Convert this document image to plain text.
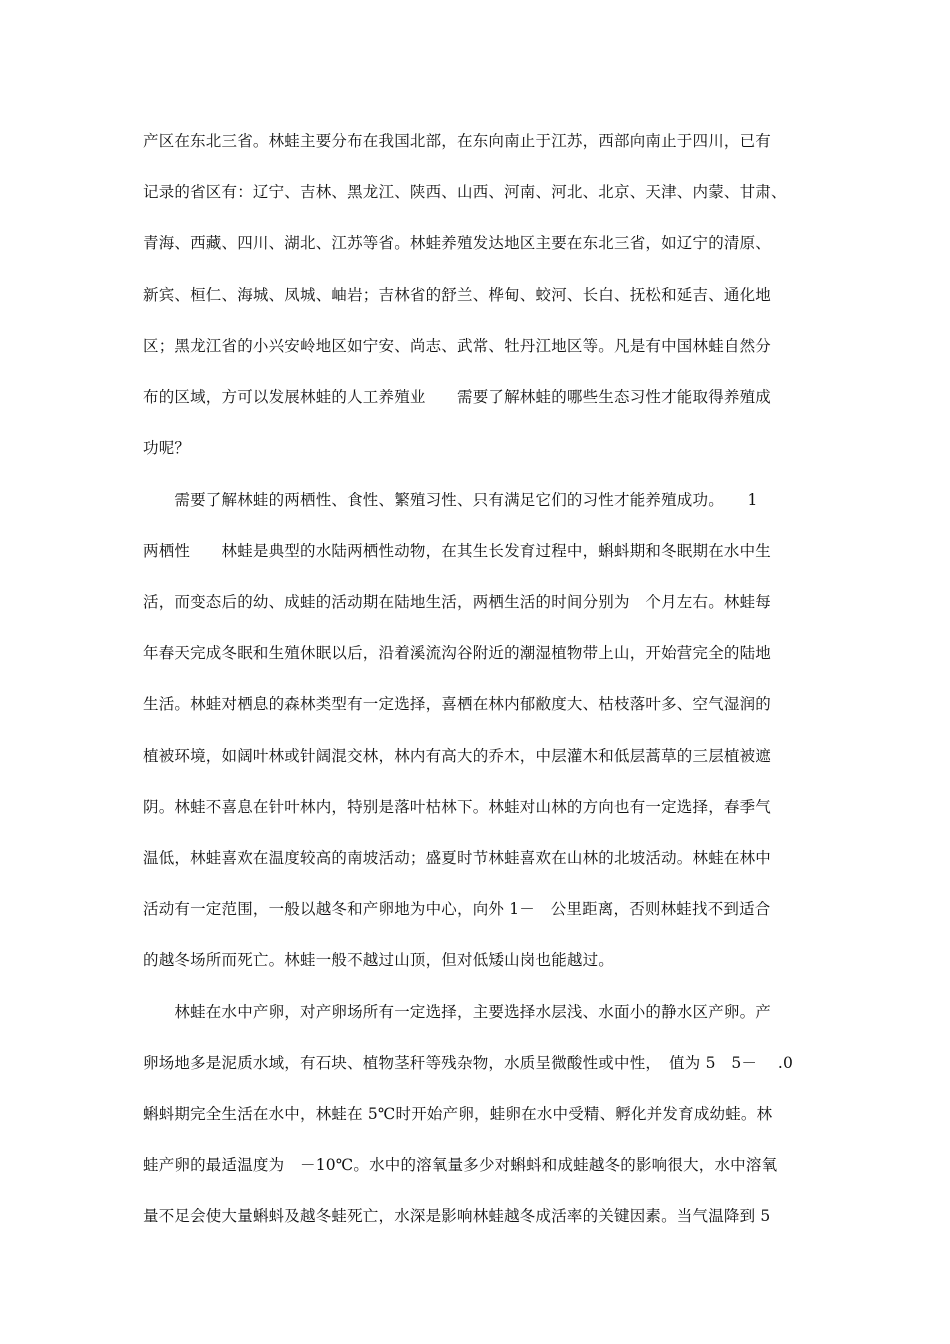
产区在东北三省。林蛙主要分布在我国北部，在东向南止于江苏，西部向南止于四川，已有
记录的省区有：辽宁、吉林、黑龙江、陕西、山西、河南、河北、北京、天津、内蒙、甘肃、
青海、西藏、四川、湖北、江苏等省。林蛙养殖发达地区主要在东北三省，如辽宁的清原、
新宾、桓仁、海城、凤城、岫岩；吉林省的舒兰、桦甸、蛟河、长白、抚松和延吉、通化地
区；黑龙江省的小兴安岭地区如宁安、尚志、武常、牡丹江地区等。凡是有中国林蛙自然分
布的区域，方可以发展林蛙的人工养殖业　　需要了解林蛙的哪些生态习性才能取得养殖成
功呢？
　　需要了解林蛙的两栖性、食性、繁殖习性、只有满足它们的习性才能养殖成功。　　1
两栖性　　林蛙是典型的水陆两栖性动物，在其生长发育过程中，蝌蚪期和冬眠期在水中生
活，而变态后的幼、成蛙的活动期在陆地生活，两栖生活的时间分别为　个月左右。林蛙每
年春天完成冬眠和生殖休眠以后，沿着溪流沟谷附近的潮湿植物带上山，开始营完全的陆地
生活。林蛙对栖息的森林类型有一定选择，喜栖在林内郁敝度大、枯枝落叶多、空气湿润的
植被环境，如阔叶林或针阔混交林，林内有高大的乔木，中层灌木和低层蒿草的三层植被遮
阴。林蛙不喜息在针叶林内，特别是落叶枯林下。林蛙对山林的方向也有一定选择，春季气
温低，林蛙喜欢在温度较高的南坡活动；盛夏时节林蛙喜欢在山林的北坡活动。林蛙在林中
活动有一定范围，一般以越冬和产卵地为中心，向外 1－　公里距离，否则林蛙找不到适合
的越冬场所而死亡。林蛙一般不越过山顶，但对低矮山岗也能越过。
　　林蛙在水中产卵，对产卵场所有一定选择，主要选择水层浅、水面小的静水区产卵。产
卵场地多是泥质水域，有石块、植物茎秆等残杂物，水质呈微酸性或中性，　值为 5　5－　 .0
蝌蚪期完全生活在水中，林蛙在 5℃时开始产卵，蛙卵在水中受精、孵化并发育成幼蛙。林
蛙产卵的最适温度为　－10℃。水中的溶氧量多少对蝌蚪和成蛙越冬的影响很大，水中溶氧
量不足会使大量蝌蚪及越冬蛙死亡，水深是影响林蛙越冬成活率的关键因素。当气温降到 5
